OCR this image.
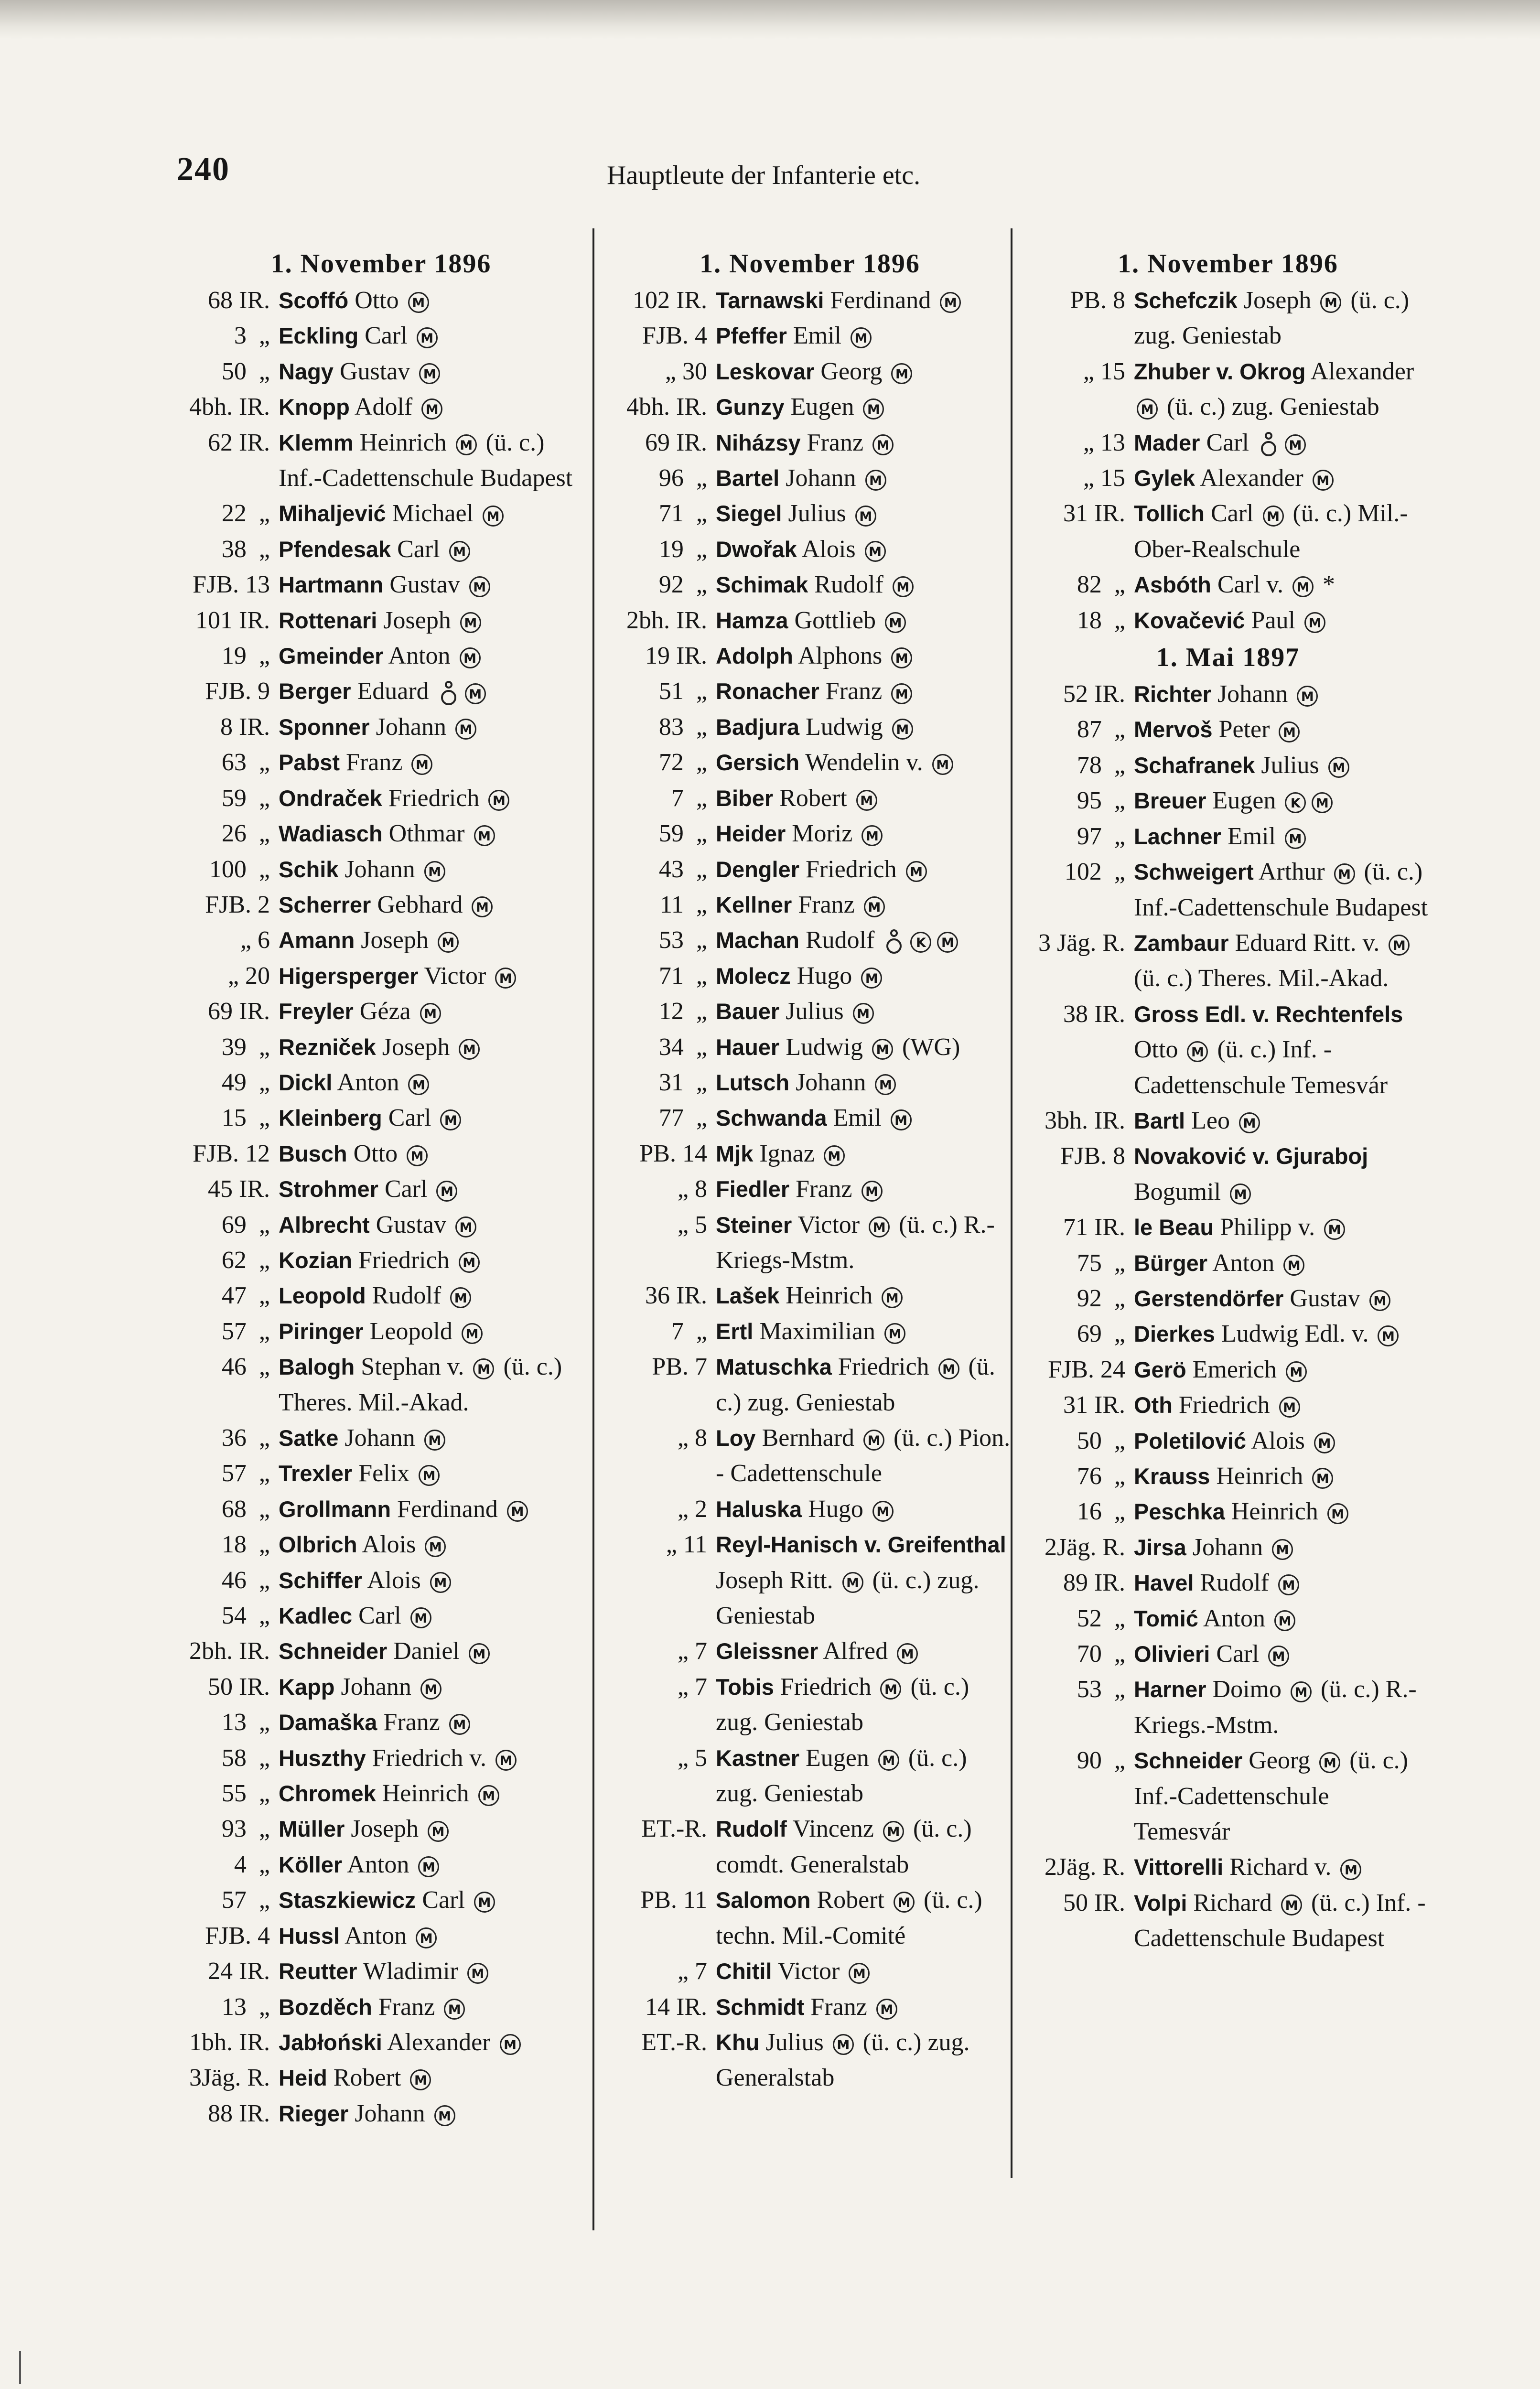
240	Hauptleute der Infanterie etc.
1. November 1896
68 IR. Scoffó Otto M
3  „ Eckling Carl M
50  „ Nagy Gustav M
4bh. IR. Knopp Adolf M
62 IR. Klemm Heinrich M (ü. c.) Inf.-Cadettenschule Budapest
22  „ Mihaljević Michael M
38  „ Pfendesak Carl M
FJB. 13 Hartmann Gustav M
101 IR. Rottenari Joseph M
19  „ Gmeinder Anton M
FJB. 9 Berger Eduard	M
8 IR. Sponner Johann M
63  „ Pabst Franz M
59  „ Ondraček Friedrich M
26  „ Wadiasch Othmar M
100  „ Schik Johann M
FJB. 2 Scherrer Gebhard M
„ 6 Amann Joseph M
„ 20 Higersperger Victor M
69 IR. Freyler Géza M
39  „ Rezniček Joseph M
49  „ Dickl Anton M
15  „ Kleinberg Carl M
FJB. 12 Busch Otto M
45 IR. Strohmer Carl M
69  „ Albrecht Gustav M
62  „ Kozian Friedrich M
47  „ Leopold Rudolf M
57  „ Piringer Leopold M
46  „ Balogh Stephan v. M (ü. c.) Theres. Mil.-Akad.
36  „ Satke Johann M
57  „ Trexler Felix M
68  „ Grollmann Ferdinand M
18  „ Olbrich Alois M
46  „ Schiffer Alois M
54  „ Kadlec Carl M
2bh. IR. Schneider Daniel M
50 IR. Kapp Johann M
13  „ Damaška Franz M
58  „ Huszthy Friedrich v. M
55  „ Chromek Heinrich M
93  „ Müller Joseph M
4  „ Köller Anton M
57  „ Staszkiewicz Carl M
FJB. 4 Hussl Anton M
24 IR. Reutter Wladimir M
13  „ Bozděch Franz M
1bh. IR. Jabłoński Alexander M
3Jäg. R. Heid Robert M
88 IR. Rieger Johann M
1. November 1896
102 IR. Tarnawski Ferdinand M
FJB. 4 Pfeffer Emil M
„ 30 Leskovar Georg M
4bh. IR. Gunzy Eugen M
69 IR. Niházsy Franz M
96  „ Bartel Johann M
71  „ Siegel Julius M
19  „ Dwořak Alois M
92  „ Schimak Rudolf M
2bh. IR. Hamza Gottlieb M
19 IR. Adolph Alphons M
51  „ Ronacher Franz M
83  „ Badjura Ludwig M
72  „ Gersich Wendelin v. M
7  „ Biber Robert M
59  „ Heider Moriz M
43  „ Dengler Friedrich M
11  „ Kellner Franz M
53  „ Machan Rudolf	K M
71  „ Molecz Hugo M
12  „ Bauer Julius M
34  „ Hauer Ludwig M (WG)
31  „ Lutsch Johann M
77  „ Schwanda Emil M
PB. 14 Mjk Ignaz M
„ 8 Fiedler Franz M
„ 5 Steiner Victor M (ü. c.) R.-Kriegs-Mstm.
36 IR. Lašek Heinrich M
7  „ Ertl Maximilian M
PB. 7 Matuschka Friedrich M (ü. c.) zug. Geniestab
„ 8 Loy Bernhard M (ü. c.) Pion. - Cadettenschule
„ 2 Haluska Hugo M
„ 11 Reyl-Hanisch v. Greifenthal Joseph Ritt. M (ü. c.) zug. Geniestab
„ 7 Gleissner Alfred M
„ 7 Tobis Friedrich M (ü. c.) zug. Geniestab
„ 5 Kastner Eugen M (ü. c.) zug. Geniestab
ET.-R. Rudolf Vincenz M (ü. c.) comdt. Generalstab
PB. 11 Salomon Robert M (ü. c.) techn. Mil.-Comité
„ 7 Chitil Victor M
14 IR. Schmidt Franz M
ET.-R. Khu Julius M (ü. c.) zug. Generalstab
1. November 1896
PB. 8 Schefczik Joseph M (ü. c.) zug. Geniestab
„ 15 Zhuber v. Okrog Alexander M (ü. c.) zug. Geniestab
„ 13 Mader Carl	M
„ 15 Gylek Alexander M
31 IR. Tollich Carl M (ü. c.) Mil.-Ober-Realschule
82  „ Asbóth Carl v. M *
18  „ Kovačević Paul M
1. Mai 1897
52 IR. Richter Johann M
87  „ Mervoš Peter M
78  „ Schafranek Julius M
95  „ Breuer Eugen K M
97  „ Lachner Emil M
102  „ Schweigert Arthur M (ü. c.) Inf.-Cadettenschule Budapest
3 Jäg. R. Zambaur Eduard Ritt. v. M (ü. c.) Theres. Mil.-Akad.
38 IR. Gross Edl. v. Rechtenfels Otto M (ü. c.) Inf. - Cadettenschule Temesvár
3bh. IR. Bartl Leo M
FJB. 8 Novaković v. Gjuraboj Bogumil M
71 IR. le Beau Philipp v. M
75  „ Bürger Anton M
92  „ Gerstendörfer Gustav M
69  „ Dierkes Ludwig Edl. v. M
FJB. 24 Gerö Emerich M
31 IR. Oth Friedrich M
50  „ Poletilović Alois M
76  „ Krauss Heinrich M
16  „ Peschka Heinrich M
2Jäg. R. Jirsa Johann M
89 IR. Havel Rudolf M
52  „ Tomić Anton M
70  „ Olivieri Carl M
53  „ Harner Doimo M (ü. c.) R.-Kriegs.-Mstm.
90  „ Schneider Georg M (ü. c.) Inf.-Cadettenschule Temesvár
2Jäg. R. Vittorelli Richard v. M
50 IR. Volpi Richard M (ü. c.) Inf. - Cadettenschule Budapest
